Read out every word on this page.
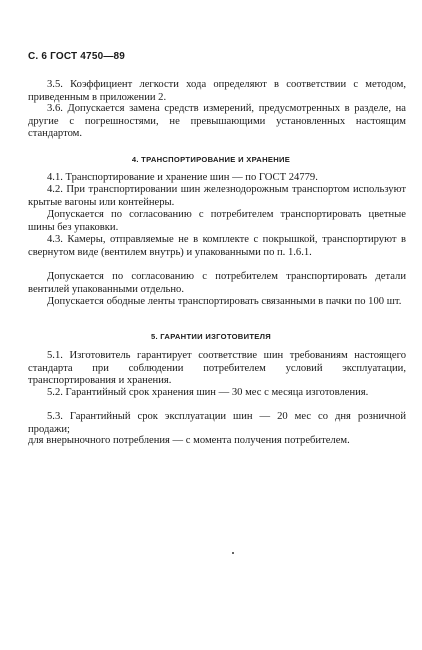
С. 6 ГОСТ 4750—89

3.5. Коэффициент легкости хода определяют в соответствии с методом, приведенным в приложении 2.

3.6. Допускается замена средств измерений, предусмотренных в разделе, на другие с погрешностями, не превышающими установленных настоящим стандартом.

4. ТРАНСПОРТИРОВАНИЕ И ХРАНЕНИЕ

4.1. Транспортирование и хранение шин — по ГОСТ 24779.

4.2. При транспортировании шин железнодорожным транспортом используют крытые вагоны или контейнеры.

Допускается по согласованию с потребителем транспортировать цветные шины без упаковки.

4.3. Камеры, отправляемые не в комплекте с покрышкой, транспортируют в свернутом виде (вентилем внутрь) и упакованными по п. 1.6.1.

Допускается по согласованию с потребителем транспортировать детали вентилей упакованными отдельно.

Допускается ободные ленты транспортировать связанными в пачки по 100 шт.

5. ГАРАНТИИ ИЗГОТОВИТЕЛЯ

5.1. Изготовитель гарантирует соответствие шин требованиям настоящего стандарта при соблюдении потребителем условий эксплуатации, транспортирования и хранения.

5.2. Гарантийный срок хранения шин — 30 мес с месяца изготовления.

5.3. Гарантийный срок эксплуатации шин — 20 мес со дня розничной продажи;

для внерыночного потребления — с момента получения потребителем.
